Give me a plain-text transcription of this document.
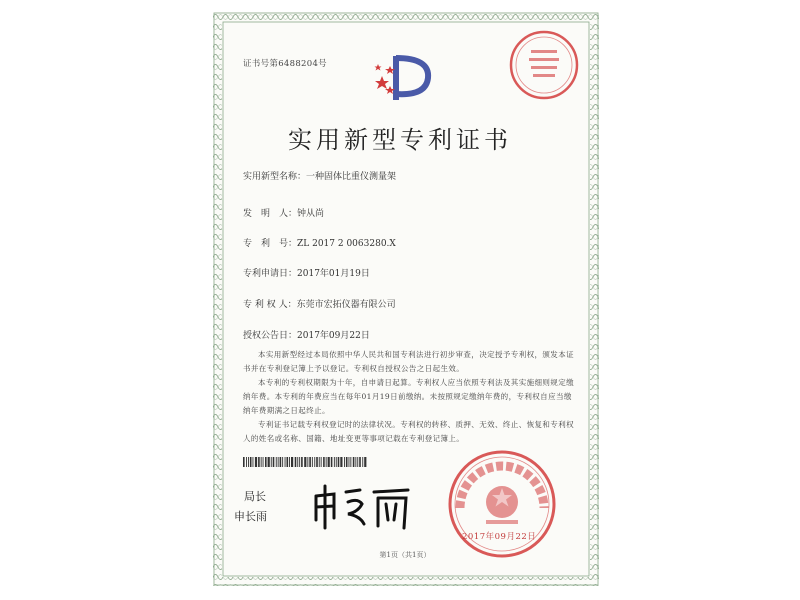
证书号第6488204号
实用新型专利证书
实用新型名称：一种固体比重仪测量架
发　明　人：钟从尚
专　利　号：ZL 2017 2 0063280.X
专利申请日：2017年01月19日
专 利 权 人：东莞市宏拓仪器有限公司
授权公告日：2017年09月22日

本实用新型经过本局依照中华人民共和国专利法进行初步审查，决定授予专利权，颁发本证书并在专利登记簿上予以登记。专利权自授权公告之日起生效。

本专利的专利权期限为十年，自申请日起算。专利权人应当依照专利法及其实施细则规定缴纳年费。本专利的年费应当在每年01月19日前缴纳。未按照规定缴纳年费的，专利权自应当缴纳年费期满之日起终止。

专利证书记载专利权登记时的法律状况。专利权的转移、质押、无效、终止、恢复和专利权人的姓名或名称、国籍、地址变更等事项记载在专利登记簿上。

局长
申长雨
2017年09月22日
第1页（共1页）
